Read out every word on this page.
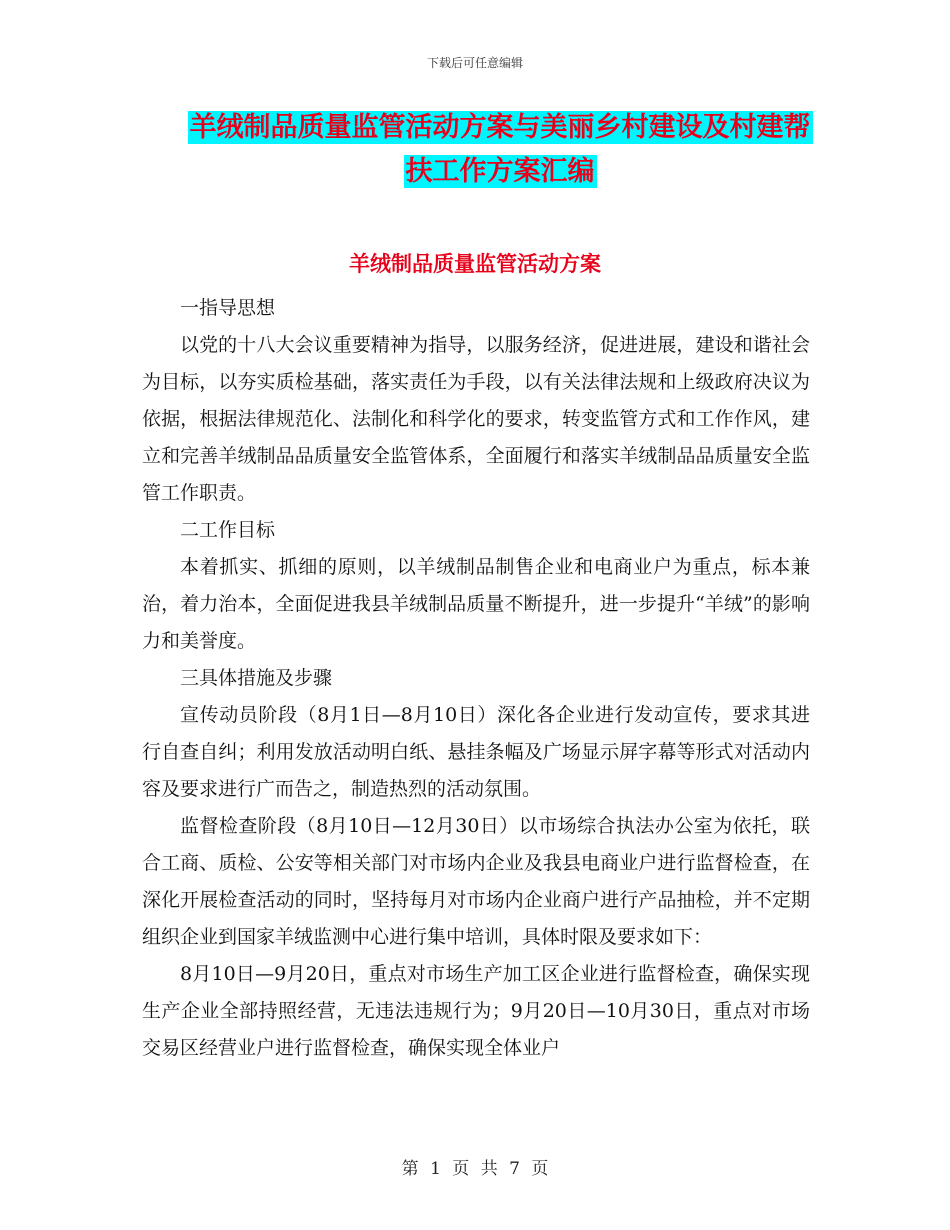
下载后可任意编辑
羊绒制品质量监管活动方案与美丽乡村建设及村建帮
扶工作方案汇编
羊绒制品质量监管活动方案

一指导思想

以党的十八大会议重要精神为指导，以服务经济，促进进展，建设和谐社会为目标，以夯实质检基础，落实责任为手段，以有关法律法规和上级政府决议为依据，根据法律规范化、法制化和科学化的要求，转变监管方式和工作作风，建立和完善羊绒制品品质量安全监管体系，全面履行和落实羊绒制品品质量安全监管工作职责。

二工作目标

本着抓实、抓细的原则，以羊绒制品制售企业和电商业户为重点，标本兼治，着力治本，全面促进我县羊绒制品质量不断提升，进一步提升“羊绒”的影响力和美誉度。

三具体措施及步骤

宣传动员阶段（8月1日—8月10日）深化各企业进行发动宣传，要求其进行自查自纠；利用发放活动明白纸、悬挂条幅及广场显示屏字幕等形式对活动内容及要求进行广而告之，制造热烈的活动氛围。

监督检查阶段（8月10日—12月30日）以市场综合执法办公室为依托，联合工商、质检、公安等相关部门对市场内企业及我县电商业户进行监督检查，在深化开展检查活动的同时，坚持每月对市场内企业商户进行产品抽检，并不定期组织企业到国家羊绒监测中心进行集中培训，具体时限及要求如下：

8月10日—9月20日，重点对市场生产加工区企业进行监督检查，确保实现生产企业全部持照经营，无违法违规行为；9月20日—10月30日，重点对市场交易区经营业户进行监督检查，确保实现全体业户

第 1 页 共 7 页
